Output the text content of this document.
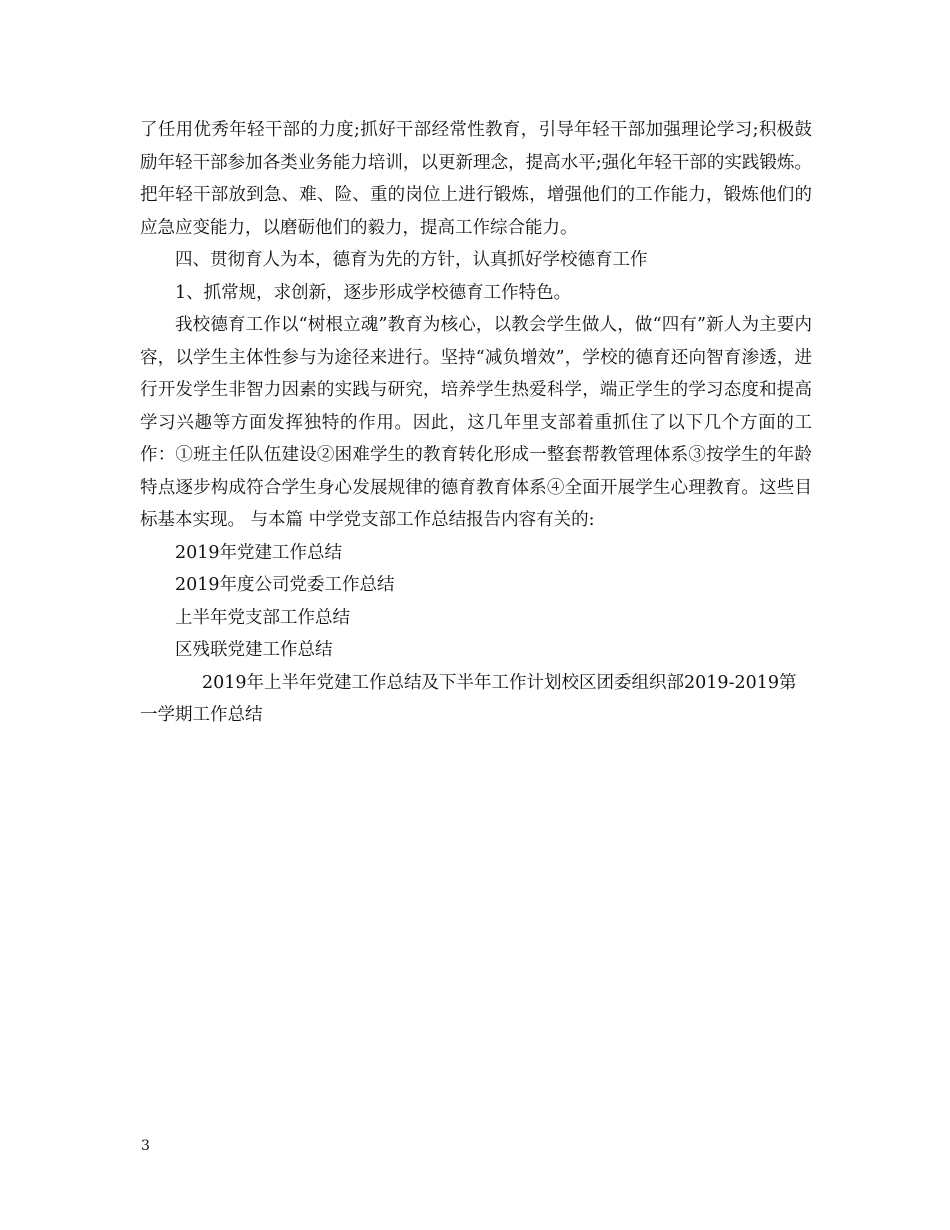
了任用优秀年轻干部的力度;抓好干部经常性教育，引导年轻干部加强理论学习;积极鼓励年轻干部参加各类业务能力培训，以更新理念，提高水平;强化年轻干部的实践锻炼。把年轻干部放到急、难、险、重的岗位上进行锻炼，增强他们的工作能力，锻炼他们的应急应变能力，以磨砺他们的毅力，提高工作综合能力。

四、贯彻育人为本，德育为先的方针，认真抓好学校德育工作

1、抓常规，求创新，逐步形成学校德育工作特色。

我校德育工作以“树根立魂”教育为核心，以教会学生做人，做“四有”新人为主要内容，以学生主体性参与为途径来进行。坚持“减负增效”，学校的德育还向智育渗透，进行开发学生非智力因素的实践与研究，培养学生热爱科学，端正学生的学习态度和提高学习兴趣等方面发挥独特的作用。因此，这几年里支部着重抓住了以下几个方面的工作：①班主任队伍建设②困难学生的教育转化形成一整套帮教管理体系③按学生的年龄特点逐步构成符合学生身心发展规律的德育教育体系④全面开展学生心理教育。这些目标基本实现。 与本篇 中学党支部工作总结报告内容有关的:

2019年党建工作总结

2019年度公司党委工作总结

上半年党支部工作总结

区残联党建工作总结

2019年上半年党建工作总结及下半年工作计划校区团委组织部2019-2019第一学期工作总结

3
